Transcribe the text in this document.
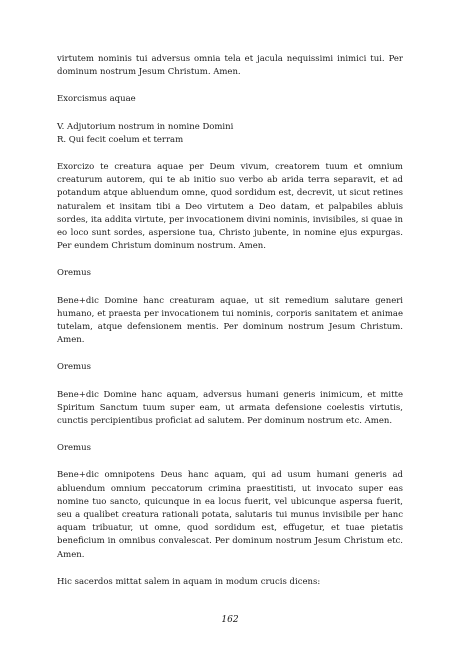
virtutem nominis tui adversus omnia tela et jacula nequissimi inimici tui. Per dominum nostrum Jesum Christum. Amen.

Exorcismus aquae

V. Adjutorium nostrum in nomine Domini
R. Qui fecit coelum et terram

Exorcizo te creatura aquae per Deum vivum, creatorem tuum et omnium creaturum autorem, qui te ab initio suo verbo ab arida terra separavit, et ad potandum atque abluendum omne, quod sordidum est, decrevit, ut sicut retines naturalem et insitam tibi a Deo virtutem a Deo datam, et palpabiles abluis sordes, ita addita virtute, per invocationem divini nominis, invisibiles, si quae in eo loco sunt sordes, aspersione tua, Christo jubente, in nomine ejus expurgas. Per eundem Christum dominum nostrum. Amen.

Oremus

Bene+dic Domine hanc creaturam aquae, ut sit remedium salutare generi humano, et praesta per invocationem tui nominis, corporis sanitatem et animae tutelam, atque defensionem mentis. Per dominum nostrum Jesum Christum. Amen.

Oremus

Bene+dic Domine hanc aquam, adversus humani generis inimicum, et mitte Spiritum Sanctum tuum super eam, ut armata defensione coelestis virtutis, cunctis percipientibus proficiat ad salutem. Per dominum nostrum etc. Amen.

Oremus

Bene+dic omnipotens Deus hanc aquam, qui ad usum humani generis ad abluendum omnium peccatorum crimina praestitisti, ut invocato super eas nomine tuo sancto, quicunque in ea locus fuerit, vel ubicunque aspersa fuerit, seu a qualibet creatura rationali potata, salutaris tui munus invisibile per hanc aquam tribuatur, ut omne, quod sordidum est, effugetur, et tuae pietatis beneficium in omnibus convalescat. Per dominum nostrum Jesum Christum etc. Amen.

Hic sacerdos mittat salem in aquam in modum crucis dicens:

162
